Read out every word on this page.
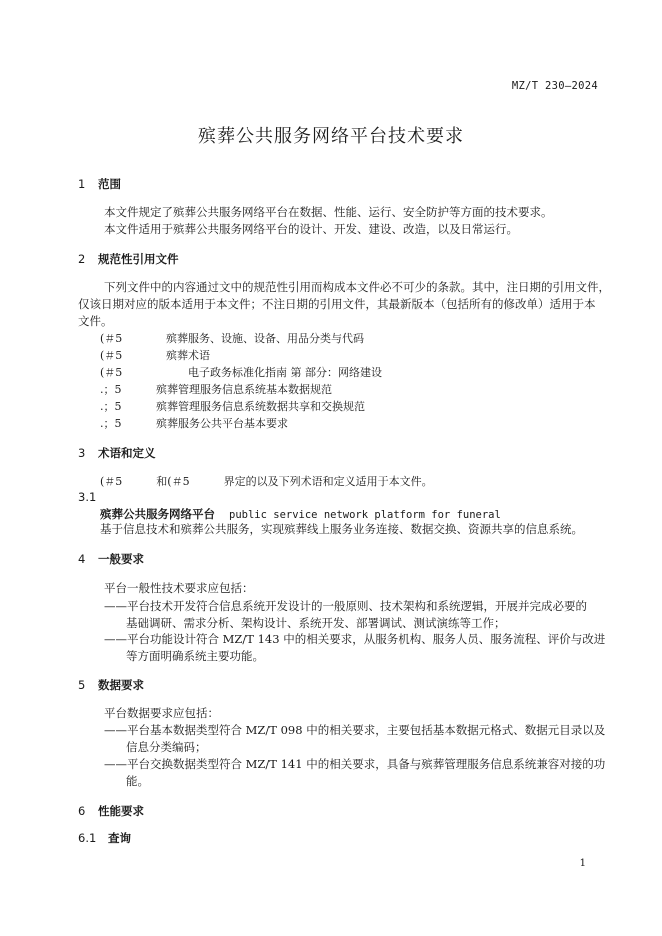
MZ/T 230—2024
殡葬公共服务网络平台技术要求
1 范围
本文件规定了殡葬公共服务网络平台在数据、性能、运行、安全防护等方面的技术要求。
本文件适用于殡葬公共服务网络平台的设计、开发、建设、改造，以及日常运行。
2 规范性引用文件
下列文件中的内容通过文中的规范性引用而构成本文件必不可少的条款。其中，注日期的引用文件，
仅该日期对应的版本适用于本文件；不注日期的引用文件，其最新版本（包括所有的修改单）适用于本
文件。
(＃5	殡葬服务、设施、设备、用品分类与代码
(＃5	殡葬术语
(＃5	电子政务标准化指南 第 部分：网络建设
.；5	殡葬管理服务信息系统基本数据规范
.；5	殡葬管理服务信息系统数据共享和交换规范
.；5	殡葬服务公共平台基本要求
3 术语和定义
(＃5	和(＃5	界定的以及下列术语和定义适用于本文件。
3.1
殡葬公共服务网络平台 public service network platform for funeral
基于信息技术和殡葬公共服务，实现殡葬线上服务业务连接、数据交换、资源共享的信息系统。
4 一般要求
平台一般性技术要求应包括：
——平台技术开发符合信息系统开发设计的一般原则、技术架构和系统逻辑，开展并完成必要的
基础调研、需求分析、架构设计、系统开发、部署调试、测试演练等工作；
——平台功能设计符合 MZ/T 143 中的相关要求，从服务机构、服务人员、服务流程、评价与改进
等方面明确系统主要功能。
5 数据要求
平台数据要求应包括：
——平台基本数据类型符合 MZ/T 098 中的相关要求，主要包括基本数据元格式、数据元目录以及
信息分类编码；
——平台交换数据类型符合 MZ/T 141 中的相关要求，具备与殡葬管理服务信息系统兼容对接的功
能。
6 性能要求
6.1 查询
1
